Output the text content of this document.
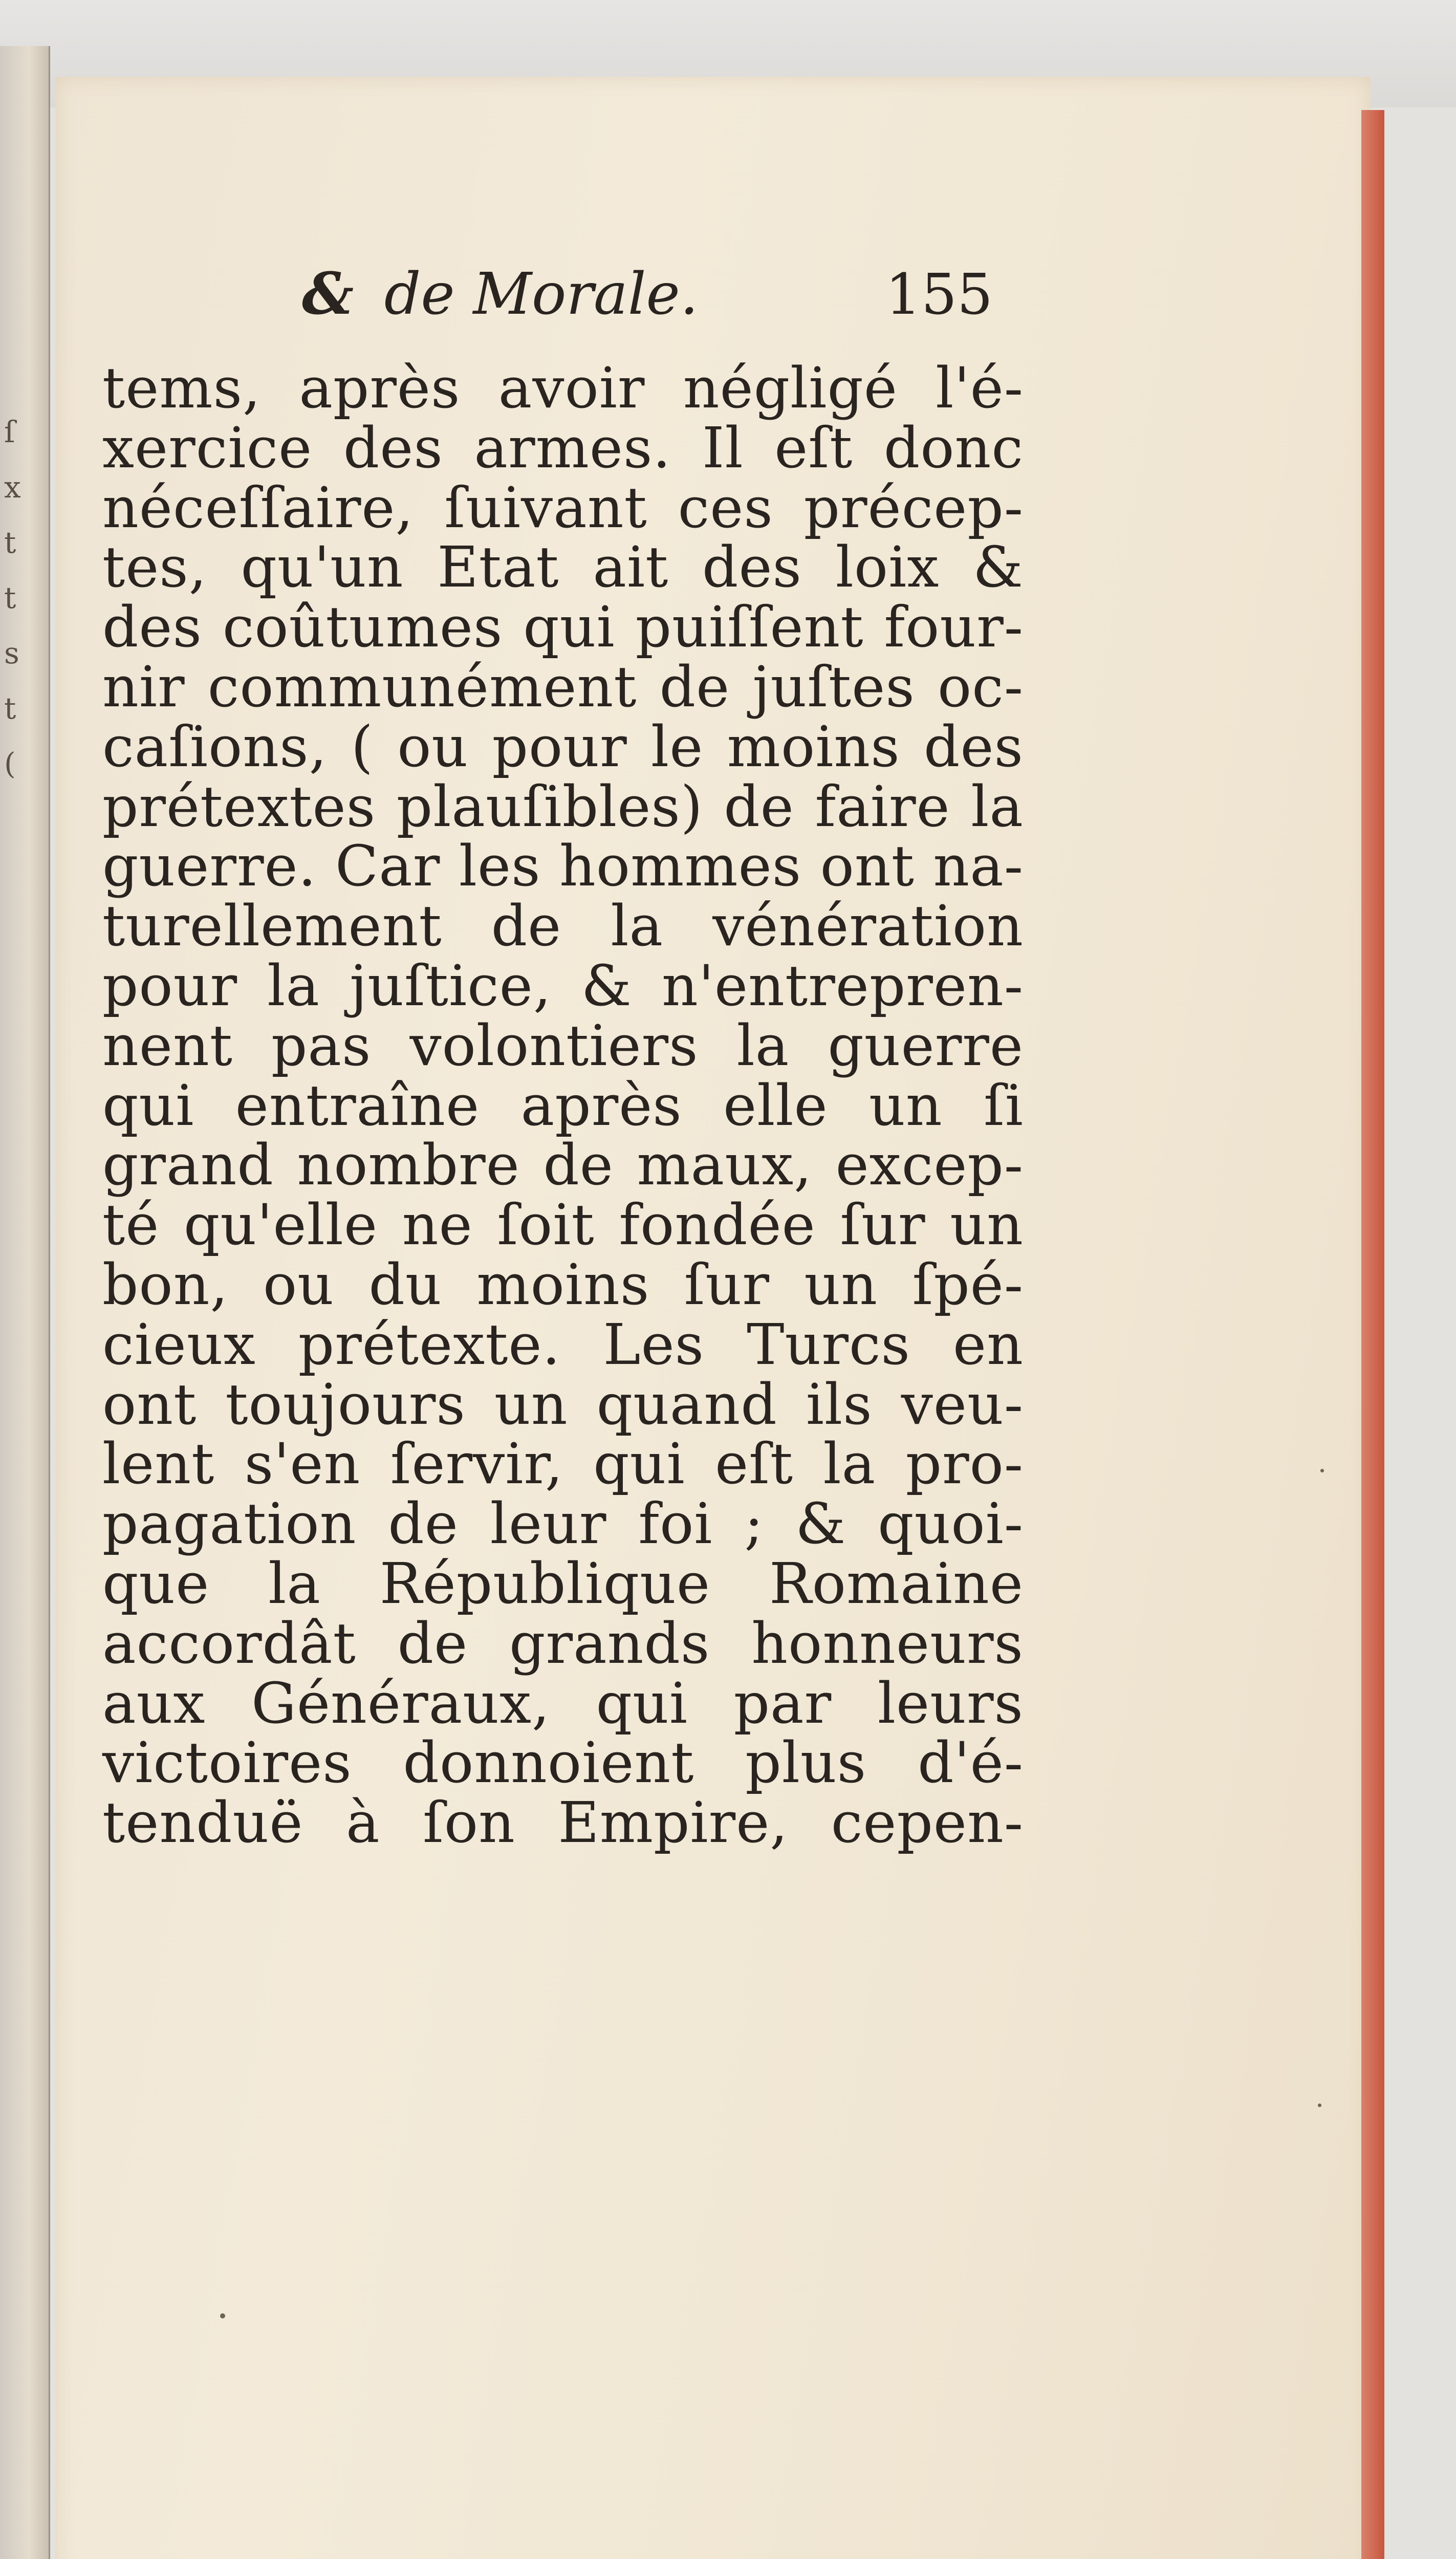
ſ
x
t
t
s
t
(
& de Morale.	155
tems, après avoir négligé l'é-
xercice des armes. Il eſt donc
néceſſaire, ſuivant ces précep-
tes, qu'un Etat ait des loix &
des coûtumes qui puiſſent four-
nir communément de juſtes oc-
caſions, ( ou pour le moins des
prétextes plauſibles) de faire la
guerre. Car les hommes ont na-
turellement de la vénération
pour la juſtice, & n'entrepren-
nent pas volontiers la guerre
qui entraîne après elle un ſi
grand nombre de maux, excep-
té qu'elle ne ſoit fondée ſur un
bon, ou du moins ſur un ſpé-
cieux prétexte. Les Turcs en
ont toujours un quand ils veu-
lent s'en ſervir, qui eſt la pro-
pagation de leur foi ; & quoi-
que la République Romaine
accordât de grands honneurs
aux Généraux, qui par leurs
victoires donnoient plus d'é-
tenduë à ſon Empire, cepen-
